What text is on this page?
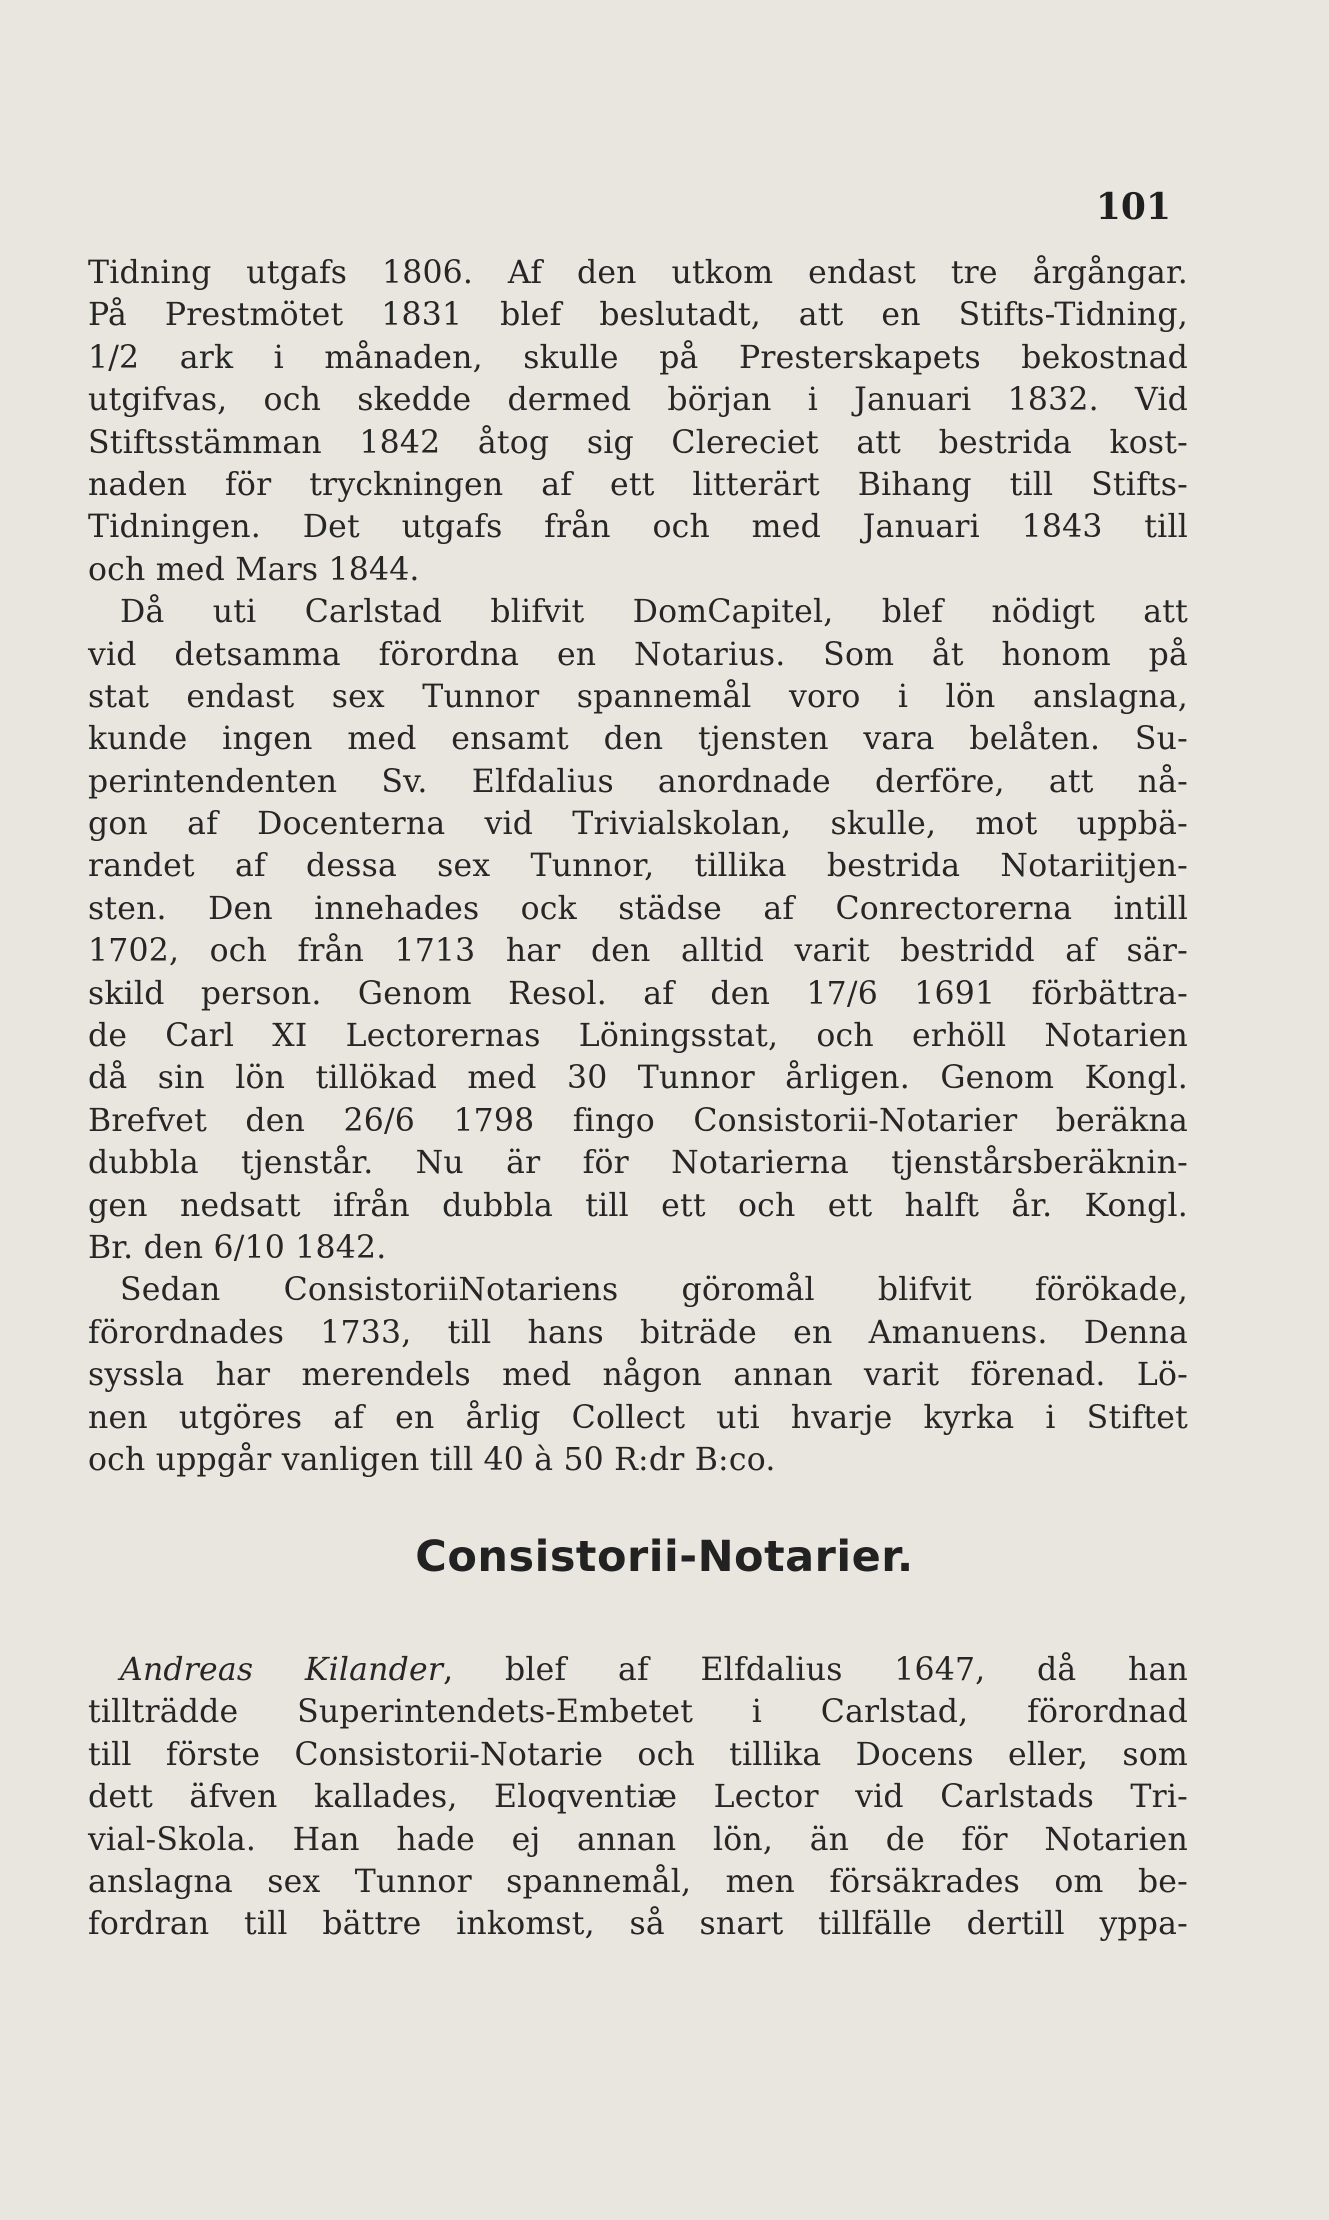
101
Tidning utgafs 1806. Af den utkom endast tre årgångar.
På Prestmötet 1831 blef beslutadt, att en Stifts-Tidning,
1/2 ark i månaden, skulle på Presterskapets bekostnad
utgifvas, och skedde dermed början i Januari 1832. Vid
Stiftsstämman 1842 åtog sig Clereciet att bestrida kost-
naden för tryckningen af ett litterärt Bihang till Stifts-
Tidningen. Det utgafs från och med Januari 1843 till
och med Mars 1844.
Då uti Carlstad blifvit DomCapitel, blef nödigt att
vid detsamma förordna en Notarius. Som åt honom på
stat endast sex Tunnor spannemål voro i lön anslagna,
kunde ingen med ensamt den tjensten vara belåten. Su-
perintendenten Sv. Elfdalius anordnade derföre, att nå-
gon af Docenterna vid Trivialskolan, skulle, mot uppbä-
randet af dessa sex Tunnor, tillika bestrida Notariitjen-
sten. Den innehades ock städse af Conrectorerna intill
1702, och från 1713 har den alltid varit bestridd af sär-
skild person. Genom Resol. af den 17/6 1691 förbättra-
de Carl XI Lectorernas Löningsstat, och erhöll Notarien
då sin lön tillökad med 30 Tunnor årligen. Genom Kongl.
Brefvet den 26/6 1798 fingo Consistorii-Notarier beräkna
dubbla tjenstår. Nu är för Notarierna tjenstårsberäknin-
gen nedsatt ifrån dubbla till ett och ett halft år. Kongl.
Br. den 6/10 1842.
Sedan ConsistoriiNotariens göromål blifvit förökade,
förordnades 1733, till hans biträde en Amanuens. Denna
syssla har merendels med någon annan varit förenad. Lö-
nen utgöres af en årlig Collect uti hvarje kyrka i Stiftet
och uppgår vanligen till 40 à 50 R:dr B:co.
Consistorii-Notarier.
Andreas Kilander, blef af Elfdalius 1647, då han
tillträdde Superintendets-Embetet i Carlstad, förordnad
till förste Consistorii-Notarie och tillika Docens eller, som
dett äfven kallades, Eloqventiæ Lector vid Carlstads Tri-
vial-Skola. Han hade ej annan lön, än de för Notarien
anslagna sex Tunnor spannemål, men försäkrades om be-
fordran till bättre inkomst, så snart tillfälle dertill yppa-
